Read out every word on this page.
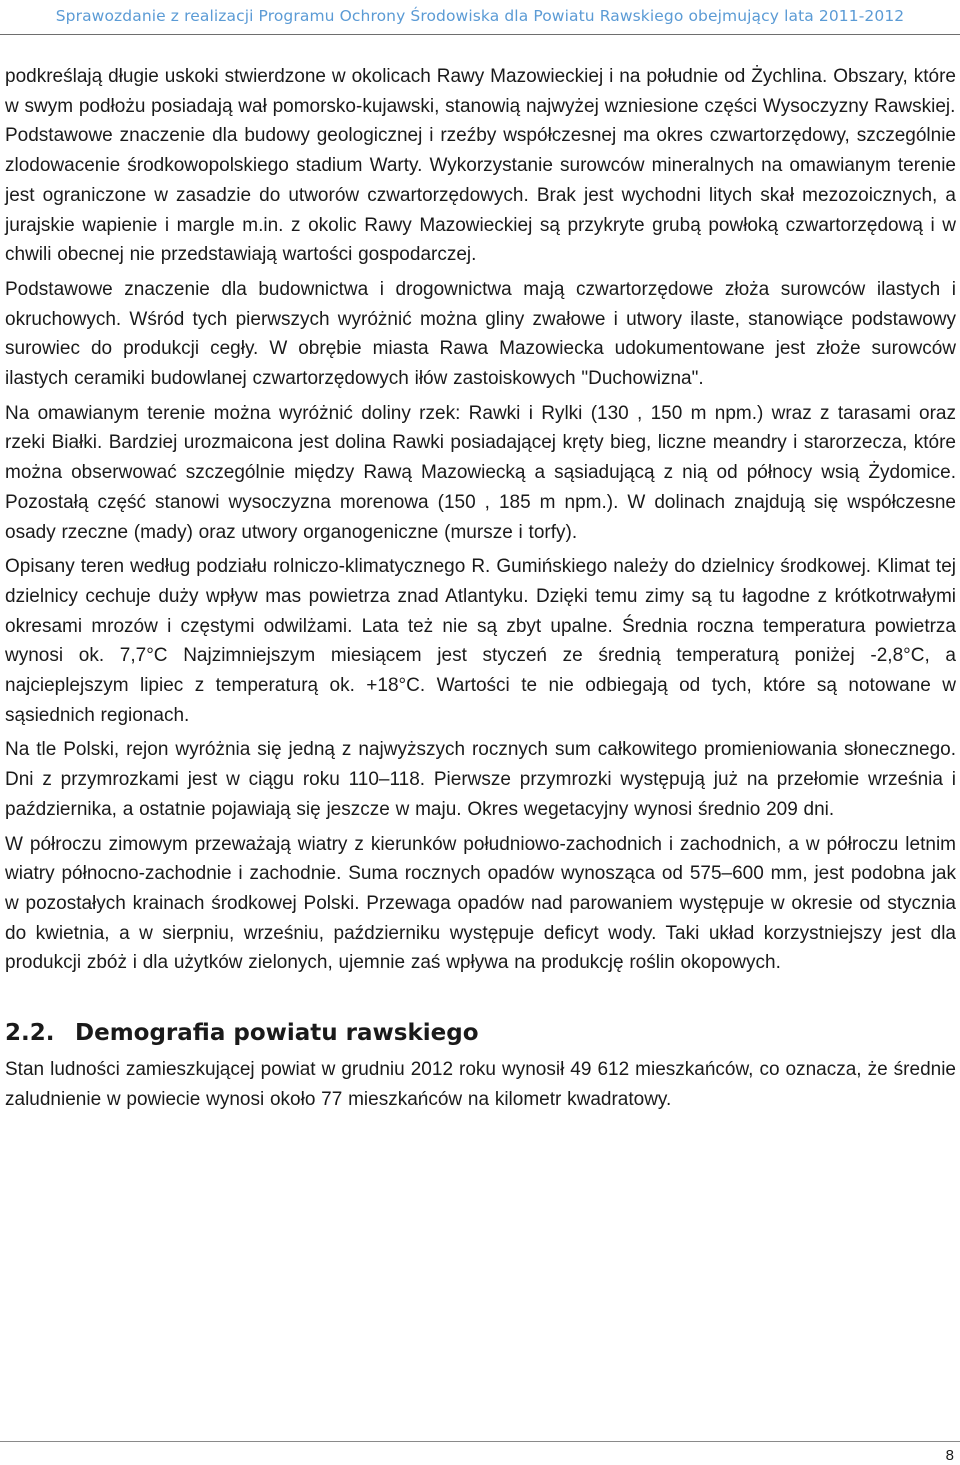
Sprawozdanie z realizacji Programu Ochrony Środowiska dla Powiatu Rawskiego obejmujący lata 2011-2012

podkreślają długie uskoki stwierdzone w okolicach Rawy Mazowieckiej i na południe od Żychlina. Obszary, które w swym podłożu posiadają wał pomorsko-kujawski, stanowią najwyżej wzniesione części Wysoczyzny Rawskiej.

Podstawowe znaczenie dla budowy geologicznej i rzeźby współczesnej ma okres czwartorzędowy, szczególnie zlodowacenie środkowopolskiego stadium Warty. Wykorzystanie surowców mineralnych na omawianym terenie jest ograniczone w zasadzie do utworów czwartorzędowych. Brak jest wychodni litych skał mezozoicznych, a jurajskie wapienie i margle m.in. z okolic Rawy Mazowieckiej są przykryte grubą powłoką czwartorzędową i w chwili obecnej nie przedstawiają wartości gospodarczej.

Podstawowe znaczenie dla budownictwa i drogownictwa mają czwartorzędowe złoża surowców ilastych i okruchowych. Wśród tych pierwszych wyróżnić można gliny zwałowe i utwory ilaste, stanowiące podstawowy surowiec do produkcji cegły. W obrębie miasta Rawa Mazowiecka udokumentowane jest złoże surowców ilastych ceramiki budowlanej czwartorzędowych iłów zastoiskowych "Duchowizna".

Na omawianym terenie można wyróżnić doliny rzek: Rawki i Rylki (130 , 150 m npm.) wraz z tarasami oraz rzeki Białki. Bardziej urozmaicona jest dolina Rawki posiadającej kręty bieg, liczne meandry i starorzecza, które można obserwować szczególnie między Rawą Mazowiecką a sąsiadującą z nią od północy wsią Żydomice. Pozostałą część stanowi wysoczyzna morenowa (150 , 185 m npm.). W dolinach znajdują się współczesne osady rzeczne (mady) oraz utwory organogeniczne (mursze i torfy).

Opisany teren według podziału rolniczo-klimatycznego R. Gumińskiego należy do dzielnicy środkowej. Klimat tej dzielnicy cechuje duży wpływ mas powietrza znad Atlantyku. Dzięki temu zimy są tu łagodne z krótkotrwałymi okresami mrozów i częstymi odwilżami. Lata też nie są zbyt upalne. Średnia roczna temperatura powietrza wynosi ok. 7,7°C Najzimniejszym miesiącem jest styczeń ze średnią temperaturą poniżej -2,8°C, a najcieplejszym lipiec z temperaturą ok. +18°C. Wartości te nie odbiegają od tych, które są notowane w sąsiednich regionach.

Na tle Polski, rejon wyróżnia się jedną z najwyższych rocznych sum całkowitego promieniowania słonecznego. Dni z przymrozkami jest w ciągu roku 110–118. Pierwsze przymrozki występują już na przełomie września i października, a ostatnie pojawiają się jeszcze w maju. Okres wegetacyjny wynosi średnio 209 dni.

W półroczu zimowym przeważają wiatry z kierunków południowo-zachodnich i zachodnich, a w półroczu letnim wiatry północno-zachodnie i zachodnie. Suma rocznych opadów wynosząca od 575–600 mm, jest podobna jak w pozostałych krainach środkowej Polski. Przewaga opadów nad parowaniem występuje w okresie od stycznia do kwietnia, a w sierpniu, wrześniu, październiku występuje deficyt wody. Taki układ korzystniejszy jest dla produkcji zbóż i dla użytków zielonych, ujemnie zaś wpływa na produkcję roślin okopowych.

2.2. Demografia powiatu rawskiego

Stan ludności zamieszkującej powiat w grudniu 2012 roku wynosił 49 612 mieszkańców, co oznacza, że średnie zaludnienie w powiecie wynosi około 77 mieszkańców na kilometr kwadratowy.

8
